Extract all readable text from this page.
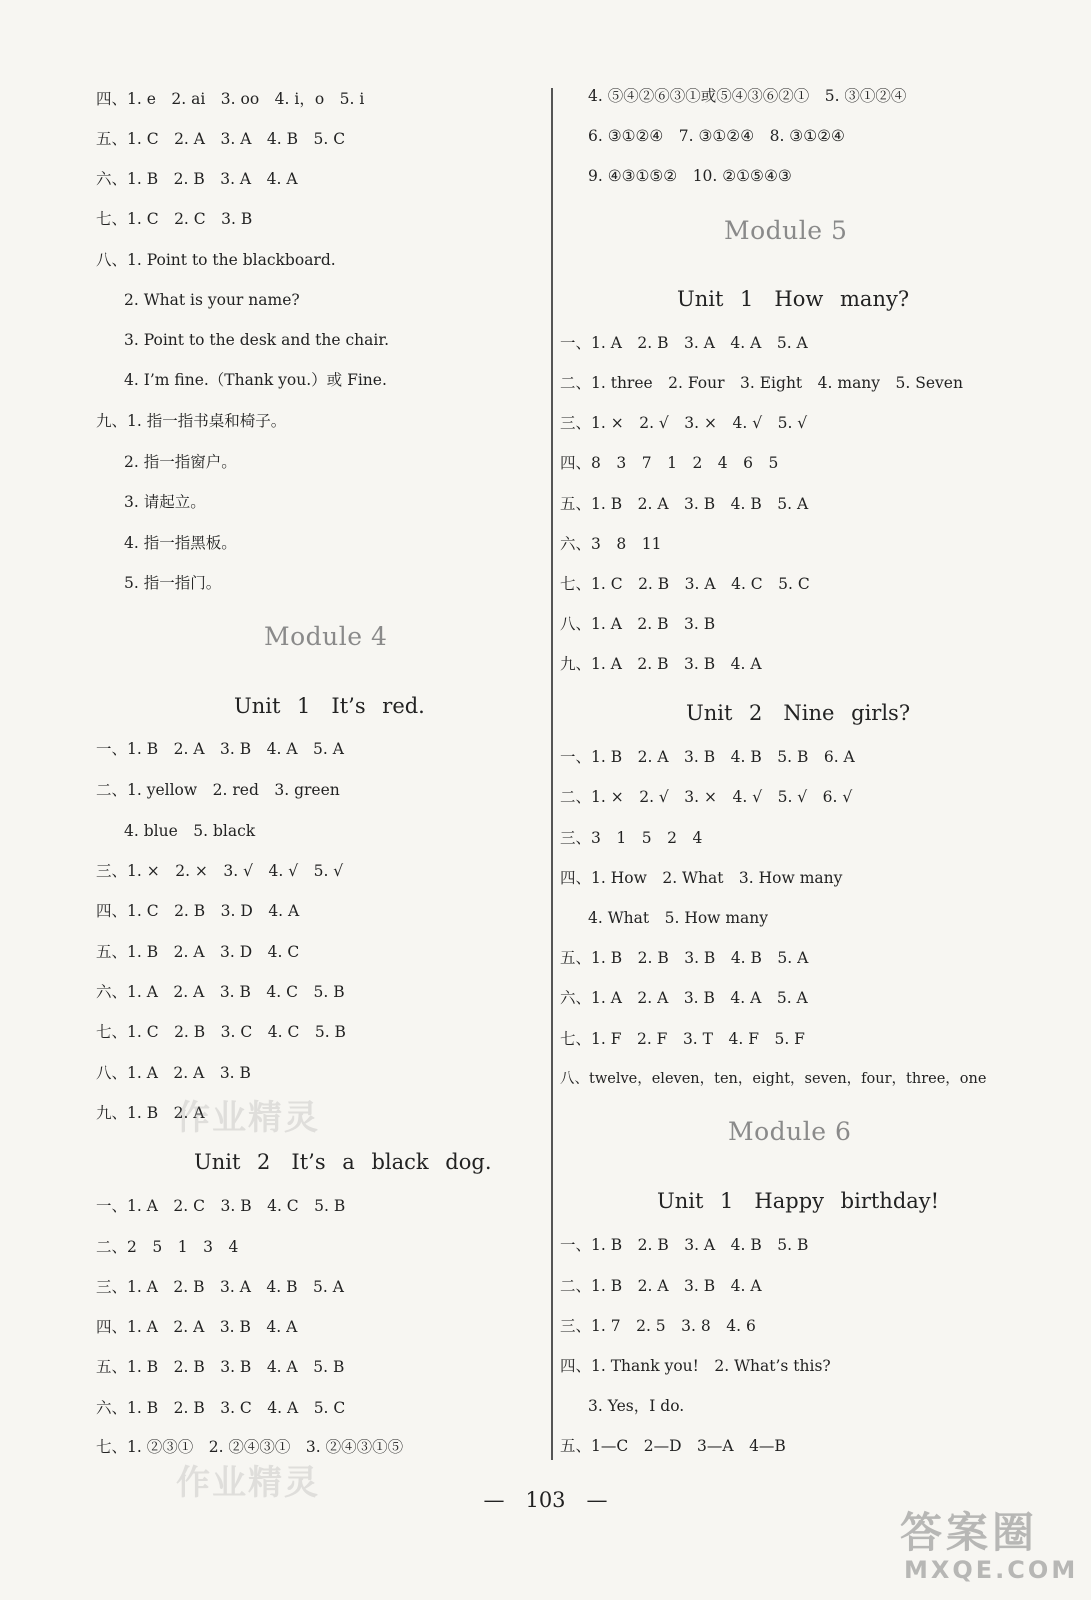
四、1. e　2. ai　3. oo　4. i，o　5. i
五、1. C　2. A　3. A　4. B　5. C
六、1. B　2. B　3. A　4. A
七、1. C　2. C　3. B
八、1. Point to the blackboard.
2. What is your name?
3. Point to the desk and the chair.
4. I’m fine.（Thank you.）或 Fine.
九、1. 指一指书桌和椅子。
2. 指一指窗户。
3. 请起立。
4. 指一指黑板。
5. 指一指门。
Module 4
Unit 1　It’s red.
一、1. B　2. A　3. B　4. A　5. A
二、1. yellow　2. red　3. green
4. blue　5. black
三、1. ×　2. ×　3. √　4. √　5. √
四、1. C　2. B　3. D　4. A
五、1. B　2. A　3. D　4. C
六、1. A　2. A　3. B　4. C　5. B
七、1. C　2. B　3. C　4. C　5. B
八、1. A　2. A　3. B
九、1. B　2. A
Unit 2　It’s a black dog.
一、1. A　2. C　3. B　4. C　5. B
二、2　5　1　3　4
三、1. A　2. B　3. A　4. B　5. A
四、1. A　2. A　3. B　4. A
五、1. B　2. B　3. B　4. A　5. B
六、1. B　2. B　3. C　4. A　5. C
七、1. ②③①　2. ②④③①　3. ②④③①⑤
4. ⑤④②⑥③①或⑤④③⑥②①　5. ③①②④
6. ③①②④　7. ③①②④　8. ③①②④
9. ④③①⑤②　10. ②①⑤④③
Module 5
Unit 1　How many?
一、1. A　2. B　3. A　4. A　5. A
二、1. three　2. Four　3. Eight　4. many　5. Seven
三、1. ×　2. √　3. ×　4. √　5. √
四、8　3　7　1　2　4　6　5
五、1. B　2. A　3. B　4. B　5. A
六、3　8　11
七、1. C　2. B　3. A　4. C　5. C
八、1. A　2. B　3. B
九、1. A　2. B　3. B　4. A
Unit 2　Nine girls?
一、1. B　2. A　3. B　4. B　5. B　6. A
二、1. ×　2. √　3. ×　4. √　5. √　6. √
三、3　1　5　2　4
四、1. How　2. What　3. How many
4. What　5. How many
五、1. B　2. B　3. B　4. B　5. A
六、1. A　2. A　3. B　4. A　5. A
七、1. F　2. F　3. T　4. F　5. F
八、twelve，eleven，ten，eight，seven，four，three，one
Module 6
Unit 1　Happy birthday!
一、1. B　2. B　3. A　4. B　5. B
二、1. B　2. A　3. B　4. A
三、1. 7　2. 5　3. 8　4. 6
四、1. Thank you!　2. What’s this?
3. Yes，I do.
五、1—C　2—D　3—A　4—B
—　103　—
作业精灵
作业精灵
答案圈
MXQE.COM
